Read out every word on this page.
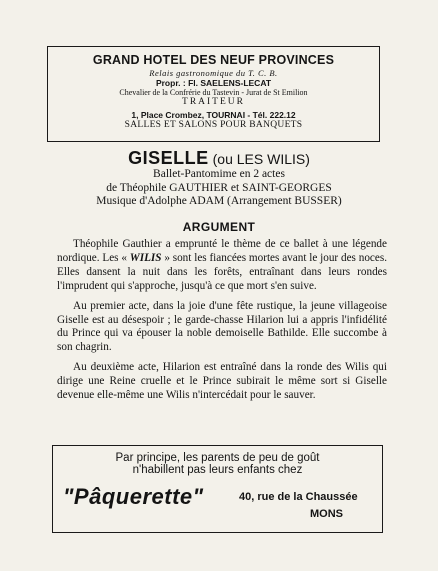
GRAND HOTEL DES NEUF PROVINCES
Relais gastronomique du T. C. B.
Propr. : Fl. SAELENS-LECAT
Chevalier de la Confrérie du Tastevin - Jurat de St Emilion
TRAITEUR
1, Place Crombez, TOURNAI - Tél. 222.12
SALLES ET SALONS POUR BANQUETS
GISELLE (ou LES WILIS)
Ballet-Pantomime en 2 actes
de Théophile GAUTHIER et SAINT-GEORGES
Musique d'Adolphe ADAM (Arrangement BUSSER)
ARGUMENT

Théophile Gauthier a emprunté le thème de ce ballet à une légende nordique. Les « WILIS » sont les fiancées mortes avant le jour des noces. Elles dansent la nuit dans les forêts, entraînant dans leurs rondes l'imprudent qui s'approche, jusqu'à ce que mort s'en suive.

Au premier acte, dans la joie d'une fête rustique, la jeune villageoise Giselle est au désespoir ; le garde-chasse Hilarion lui a appris l'infidélité du Prince qui va épouser la noble demoiselle Bathilde. Elle succombe à son chagrin.

Au deuxième acte, Hilarion est entraîné dans la ronde des Wilis qui dirige une Reine cruelle et le Prince subirait le même sort si Giselle devenue elle-même une Wilis n'intercédait pour le sauver.

Par principe, les parents de peu de goût
n'habillent pas leurs enfants chez
"Pâquerette"	40, rue de la Chaussée
MONS
